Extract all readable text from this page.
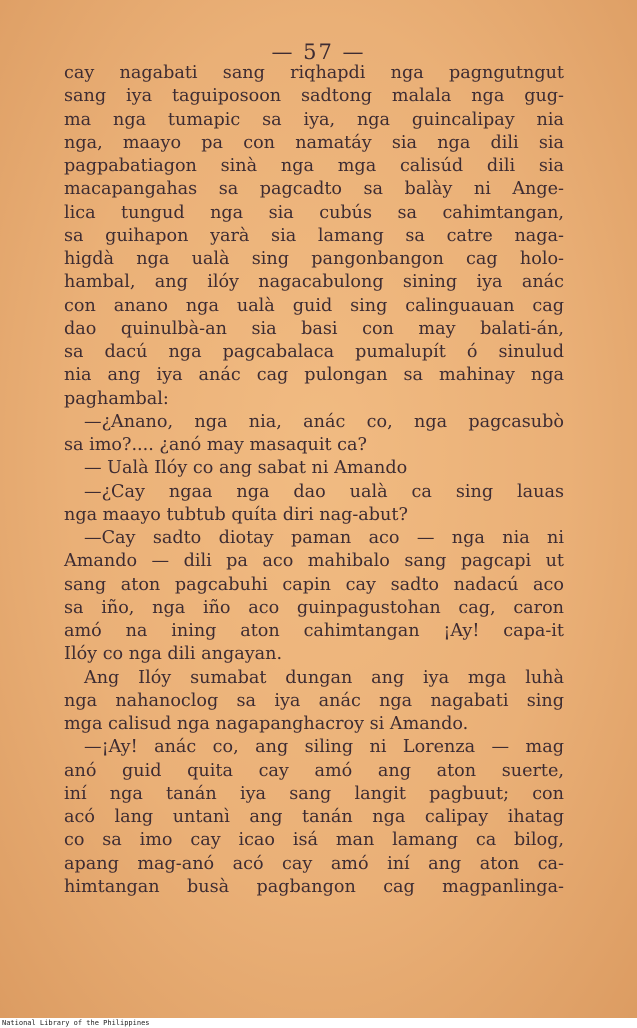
— 57 —
cay nagabati sang riqhapdi nga pagngutngut
sang iya taguiposoon sadtong malala nga gug-
ma nga tumapic sa iya, nga guincalipay nia
nga, maayo pa con namatáy sia nga dili sia
pagpabatiagon sinà nga mga calisúd dili sia
macapangahas sa pagcadto sa balày ni Ange-
lica tungud nga sia cubús sa cahimtangan,
sa guihapon yarà sia lamang sa catre naga-
higdà nga ualà sing pangonbangon cag holo-
hambal, ang ilóy nagacabulong sining iya anác
con anano nga ualà guid sing calinguauan cag
dao quinulbà-an sia basi con may balati-án,
sa dacú nga pagcabalaca pumalupít ó sinulud
nia ang iya anác cag pulongan sa mahinay nga
paghambal:
—¿Anano, nga nia, anác co, nga pagcasubò
sa imo?.... ¿anó may masaquit ca?
— Ualà Ilóy co ang sabat ni Amando
—¿Cay ngaa nga dao ualà ca sing lauas
nga maayo tubtub quíta diri nag-abut?
—Cay sadto diotay paman aco — nga nia ni
Amando — dili pa aco mahibalo sang pagcapi ut
sang aton pagcabuhi capin cay sadto nadacú aco
sa iño, nga iño aco guinpagustohan cag, caron
amó na ining aton cahimtangan ¡Ay! capa-it
Ilóy co nga dili angayan.
Ang Ilóy sumabat dungan ang iya mga luhà
nga nahanoclog sa iya anác nga nagabati sing
mga calisud nga nagapanghacroy si Amando.
—¡Ay! anác co, ang siling ni Lorenza — mag
anó guid quita cay amó ang aton suerte,
iní nga tanán iya sang langit pagbuut; con
acó lang untanì ang tanán nga calipay ihatag
co sa imo cay icao isá man lamang ca bilog,
apang mag-anó acó cay amó iní ang aton ca-
himtangan busà pagbangon cag magpanlinga-
National Library of the Philippines
